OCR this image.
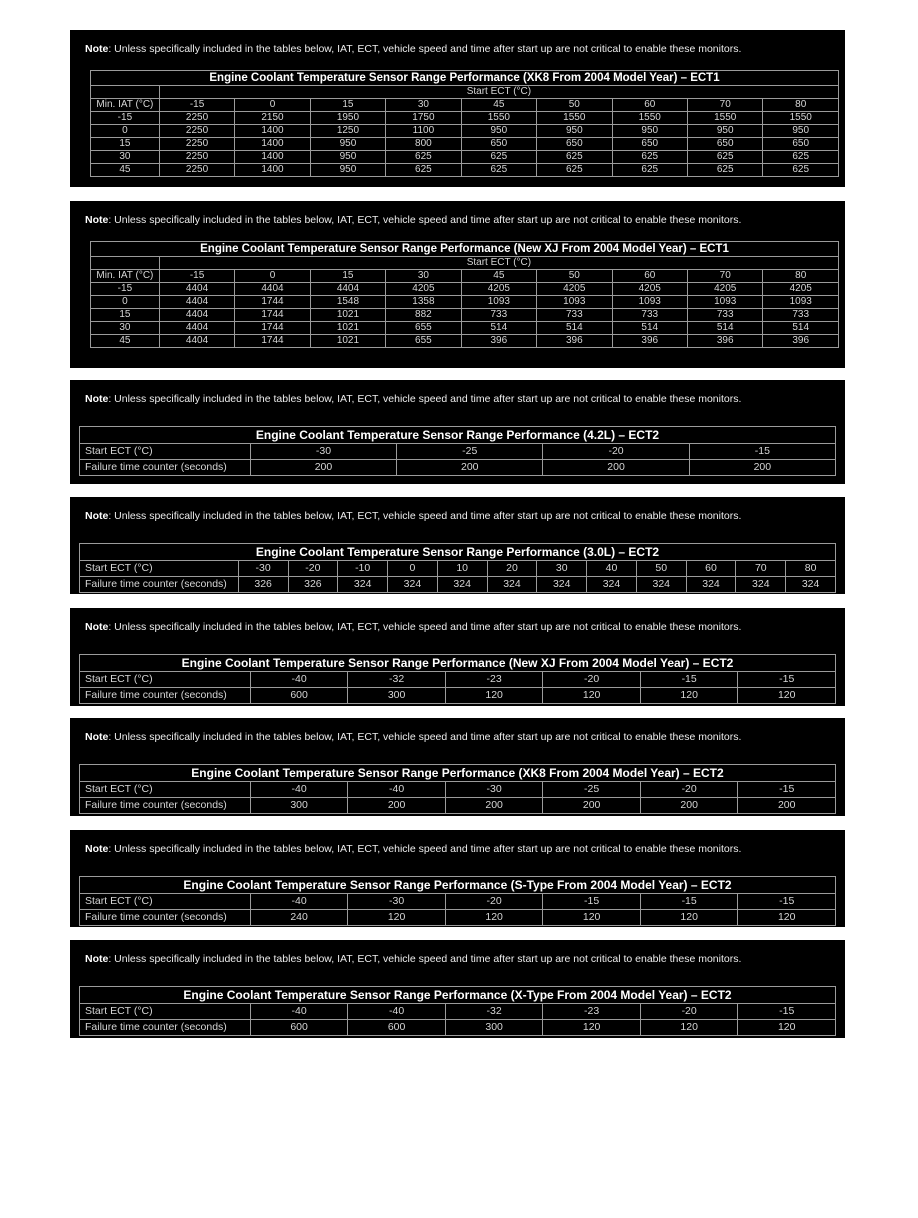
Note: Unless specifically included in the tables below, IAT, ECT, vehicle speed and time after start up are not critical to enable these monitors.

Engine Coolant Temperature Sensor Range Performance (XK8 From 2004 Model Year) – ECT1									
	Start ECT (°C)								
Min. IAT (°C)	-15	0	15	30	45	50	60	70	80
-15	2250	2150	1950	1750	1550	1550	1550	1550	1550
0	2250	1400	1250	1100	950	950	950	950	950
15	2250	1400	950	800	650	650	650	650	650
30	2250	1400	950	625	625	625	625	625	625
45	2250	1400	950	625	625	625	625	625	625

Note: Unless specifically included in the tables below, IAT, ECT, vehicle speed and time after start up are not critical to enable these monitors.

Engine Coolant Temperature Sensor Range Performance (New XJ From 2004 Model Year) – ECT1									
	Start ECT (°C)								
Min. IAT (°C)	-15	0	15	30	45	50	60	70	80
-15	4404	4404	4404	4205	4205	4205	4205	4205	4205
0	4404	1744	1548	1358	1093	1093	1093	1093	1093
15	4404	1744	1021	882	733	733	733	733	733
30	4404	1744	1021	655	514	514	514	514	514
45	4404	1744	1021	655	396	396	396	396	396

Note: Unless specifically included in the tables below, IAT, ECT, vehicle speed and time after start up are not critical to enable these monitors.

Engine Coolant Temperature Sensor Range Performance (4.2L) – ECT2				
Start ECT (°C)	-30	-25	-20	-15
Failure time counter (seconds)	200	200	200	200

Note: Unless specifically included in the tables below, IAT, ECT, vehicle speed and time after start up are not critical to enable these monitors.

Engine Coolant Temperature Sensor Range Performance (3.0L) – ECT2												
Start ECT (°C)	-30	-20	-10	0	10	20	30	40	50	60	70	80
Failure time counter (seconds)	326	326	324	324	324	324	324	324	324	324	324	324

Note: Unless specifically included in the tables below, IAT, ECT, vehicle speed and time after start up are not critical to enable these monitors.

Engine Coolant Temperature Sensor Range Performance (New XJ From 2004 Model Year) – ECT2						
Start ECT (°C)	-40	-32	-23	-20	-15	-15
Failure time counter (seconds)	600	300	120	120	120	120

Note: Unless specifically included in the tables below, IAT, ECT, vehicle speed and time after start up are not critical to enable these monitors.

Engine Coolant Temperature Sensor Range Performance (XK8 From 2004 Model Year) – ECT2						
Start ECT (°C)	-40	-40	-30	-25	-20	-15
Failure time counter (seconds)	300	200	200	200	200	200

Note: Unless specifically included in the tables below, IAT, ECT, vehicle speed and time after start up are not critical to enable these monitors.

Engine Coolant Temperature Sensor Range Performance (S-Type From 2004 Model Year) – ECT2						
Start ECT (°C)	-40	-30	-20	-15	-15	-15
Failure time counter (seconds)	240	120	120	120	120	120

Note: Unless specifically included in the tables below, IAT, ECT, vehicle speed and time after start up are not critical to enable these monitors.

Engine Coolant Temperature Sensor Range Performance (X-Type From 2004 Model Year) – ECT2						
Start ECT (°C)	-40	-40	-32	-23	-20	-15
Failure time counter (seconds)	600	600	300	120	120	120
